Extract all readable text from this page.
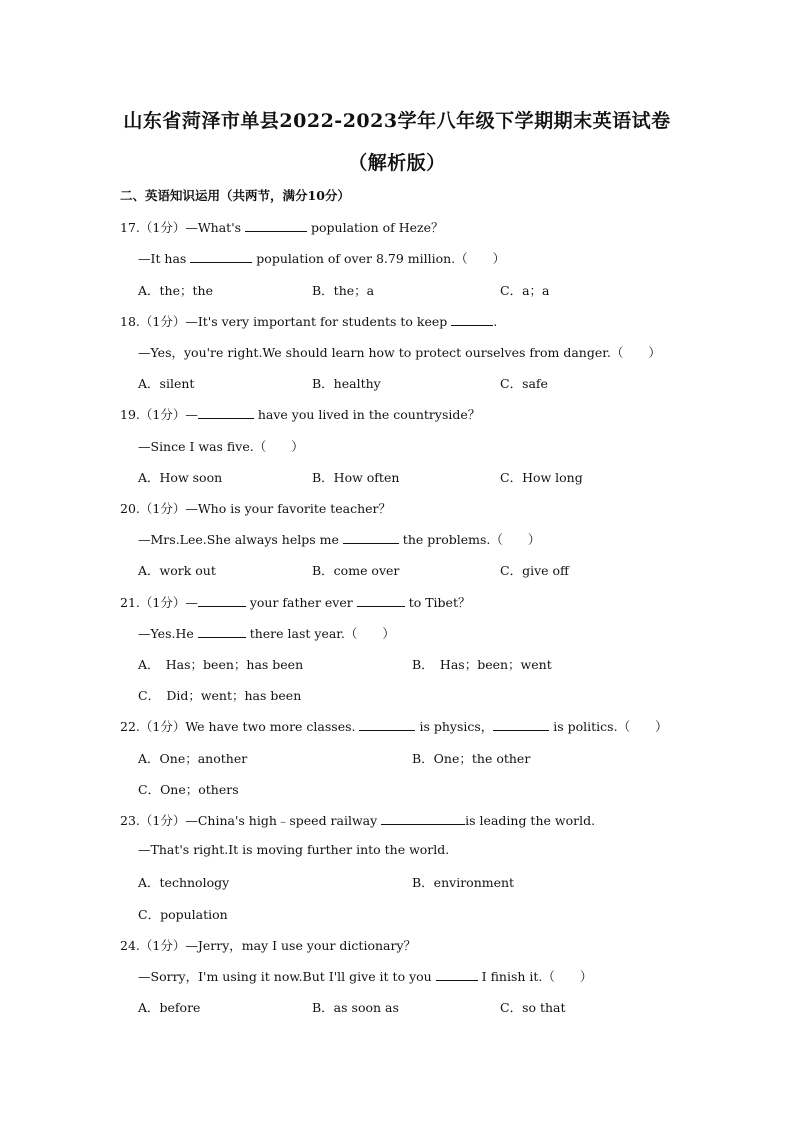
山东省菏泽市单县2022-2023学年八年级下学期期末英语试卷
（解析版）
二、英语知识运用（共两节，满分10分）
17.（1分）—What's	population of Heze？
—It has	population of over 8.79 million.（　　）
A．the；the	B．the；a	C．a；a
18.（1分）—It's very important for students to keep	.
—Yes，you're right.We should learn how to protect ourselves from danger.（　　）
A．silent	B．healthy	C．safe
19.（1分）—	have you lived in the countryside？
—Since I was five.（　　）
A．How soon	B．How often	C．How long
20.（1分）—Who is your favorite teacher？
—Mrs.Lee.She always helps me	the problems.（　　）
A．work out	B．come over	C．give off
21.（1分）—	your father ever	to Tibet？
—Yes.He	there last year.（　　）
A．　Has；been；has been	B．　Has；been；went
C．　Did；went；has been
22.（1分）We have two more classes.	is physics，	is politics.（　　）
A．One；another	B．One；the other
C．One；others
23.（1分）—China's high﹣speed railway	is leading the world.
—That's right.It is moving further into the world.
A．technology	B．environment
C．population
24.（1分）—Jerry，may I use your dictionary？
—Sorry，I'm using it now.But I'll give it to you	I finish it.（　　）
A．before	B．as soon as	C．so that
